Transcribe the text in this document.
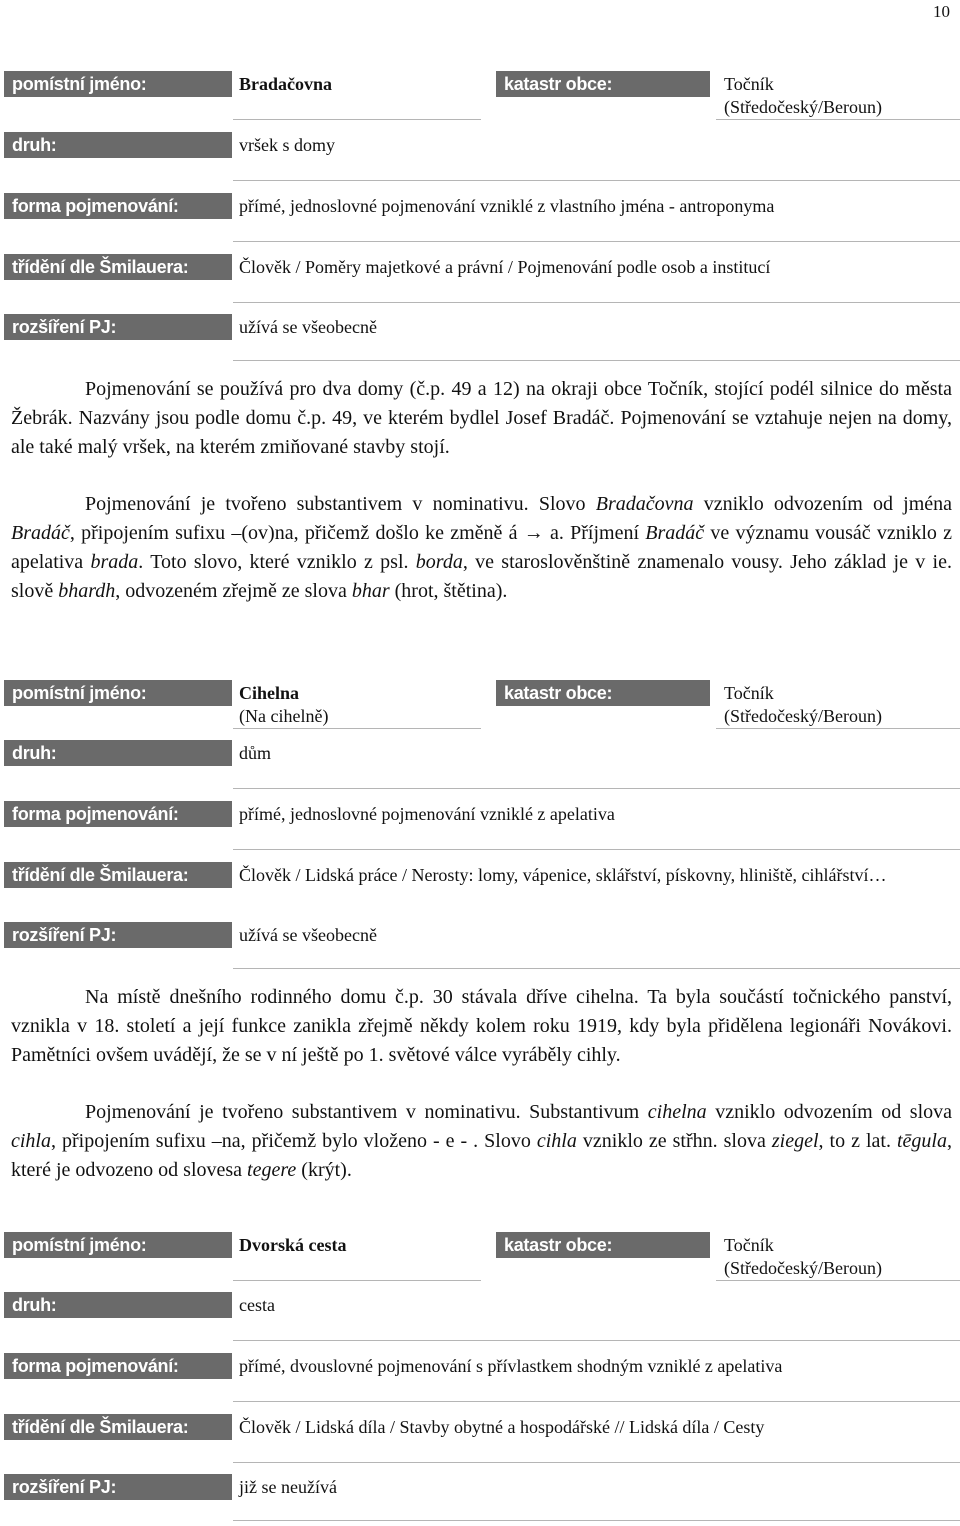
10
pomístní jméno:	Bradačovna	katastr obce:	Točník
(Středočeský/Beroun)
druh:	vršek s domy
forma pojmenování:	přímé, jednoslovné pojmenování vzniklé z vlastního jména - antroponyma
třídění dle Šmilauera:	Člověk / Poměry majetkové a právní / Pojmenování podle osob a institucí
rozšíření PJ:	užívá se všeobecně

Pojmenování se používá pro dva domy (č.p. 49 a 12) na okraji obce Točník, stojící podél silnice do města Žebrák. Nazvány jsou podle domu č.p. 49, ve kterém bydlel Josef Bradáč. Pojmenování se vztahuje nejen na domy, ale také malý vršek, na kterém zmiňované stavby stojí.

Pojmenování je tvořeno substantivem v nominativu. Slovo Bradačovna vzniklo odvozením od jména Bradáč, připojením sufixu –(ov)na, přičemž došlo ke změně á → a. Příjmení Bradáč ve významu vousáč vzniklo z apelativa brada. Toto slovo, které vzniklo z psl. borda, ve staroslověnštině znamenalo vousy. Jeho základ je v ie. slově bhardh, odvozeném zřejmě ze slova bhar (hrot, štětina).

pomístní jméno:	Cihelna
(Na cihelně)
katastr obce:	Točník
(Středočeský/Beroun)
druh:	dům
forma pojmenování:	přímé, jednoslovné pojmenování vzniklé z apelativa
třídění dle Šmilauera:	Člověk / Lidská práce / Nerosty: lomy, vápenice, sklářství, pískovny, hliniště, cihlářství…
rozšíření PJ:	užívá se všeobecně

Na místě dnešního rodinného domu č.p. 30 stávala dříve cihelna. Ta byla součástí točnického panství, vznikla v 18. století a její funkce zanikla zřejmě někdy kolem roku 1919, kdy byla přidělena legionáři Novákovi. Pamětníci ovšem uvádějí, že se v ní ještě po 1. světové válce vyráběly cihly.

Pojmenování je tvořeno substantivem v nominativu. Substantivum cihelna vzniklo odvozením od slova cihla, připojením sufixu –na, přičemž bylo vloženo - e - . Slovo cihla vzniklo ze střhn. slova ziegel, to z lat. tēgula, které je odvozeno od slovesa tegere (krýt).

pomístní jméno:	Dvorská cesta	katastr obce:	Točník
(Středočeský/Beroun)
druh:	cesta
forma pojmenování:	přímé, dvouslovné pojmenování s přívlastkem shodným vzniklé z apelativa
třídění dle Šmilauera:	Člověk / Lidská díla / Stavby obytné a hospodářské // Lidská díla / Cesty
rozšíření PJ:	již se neužívá
